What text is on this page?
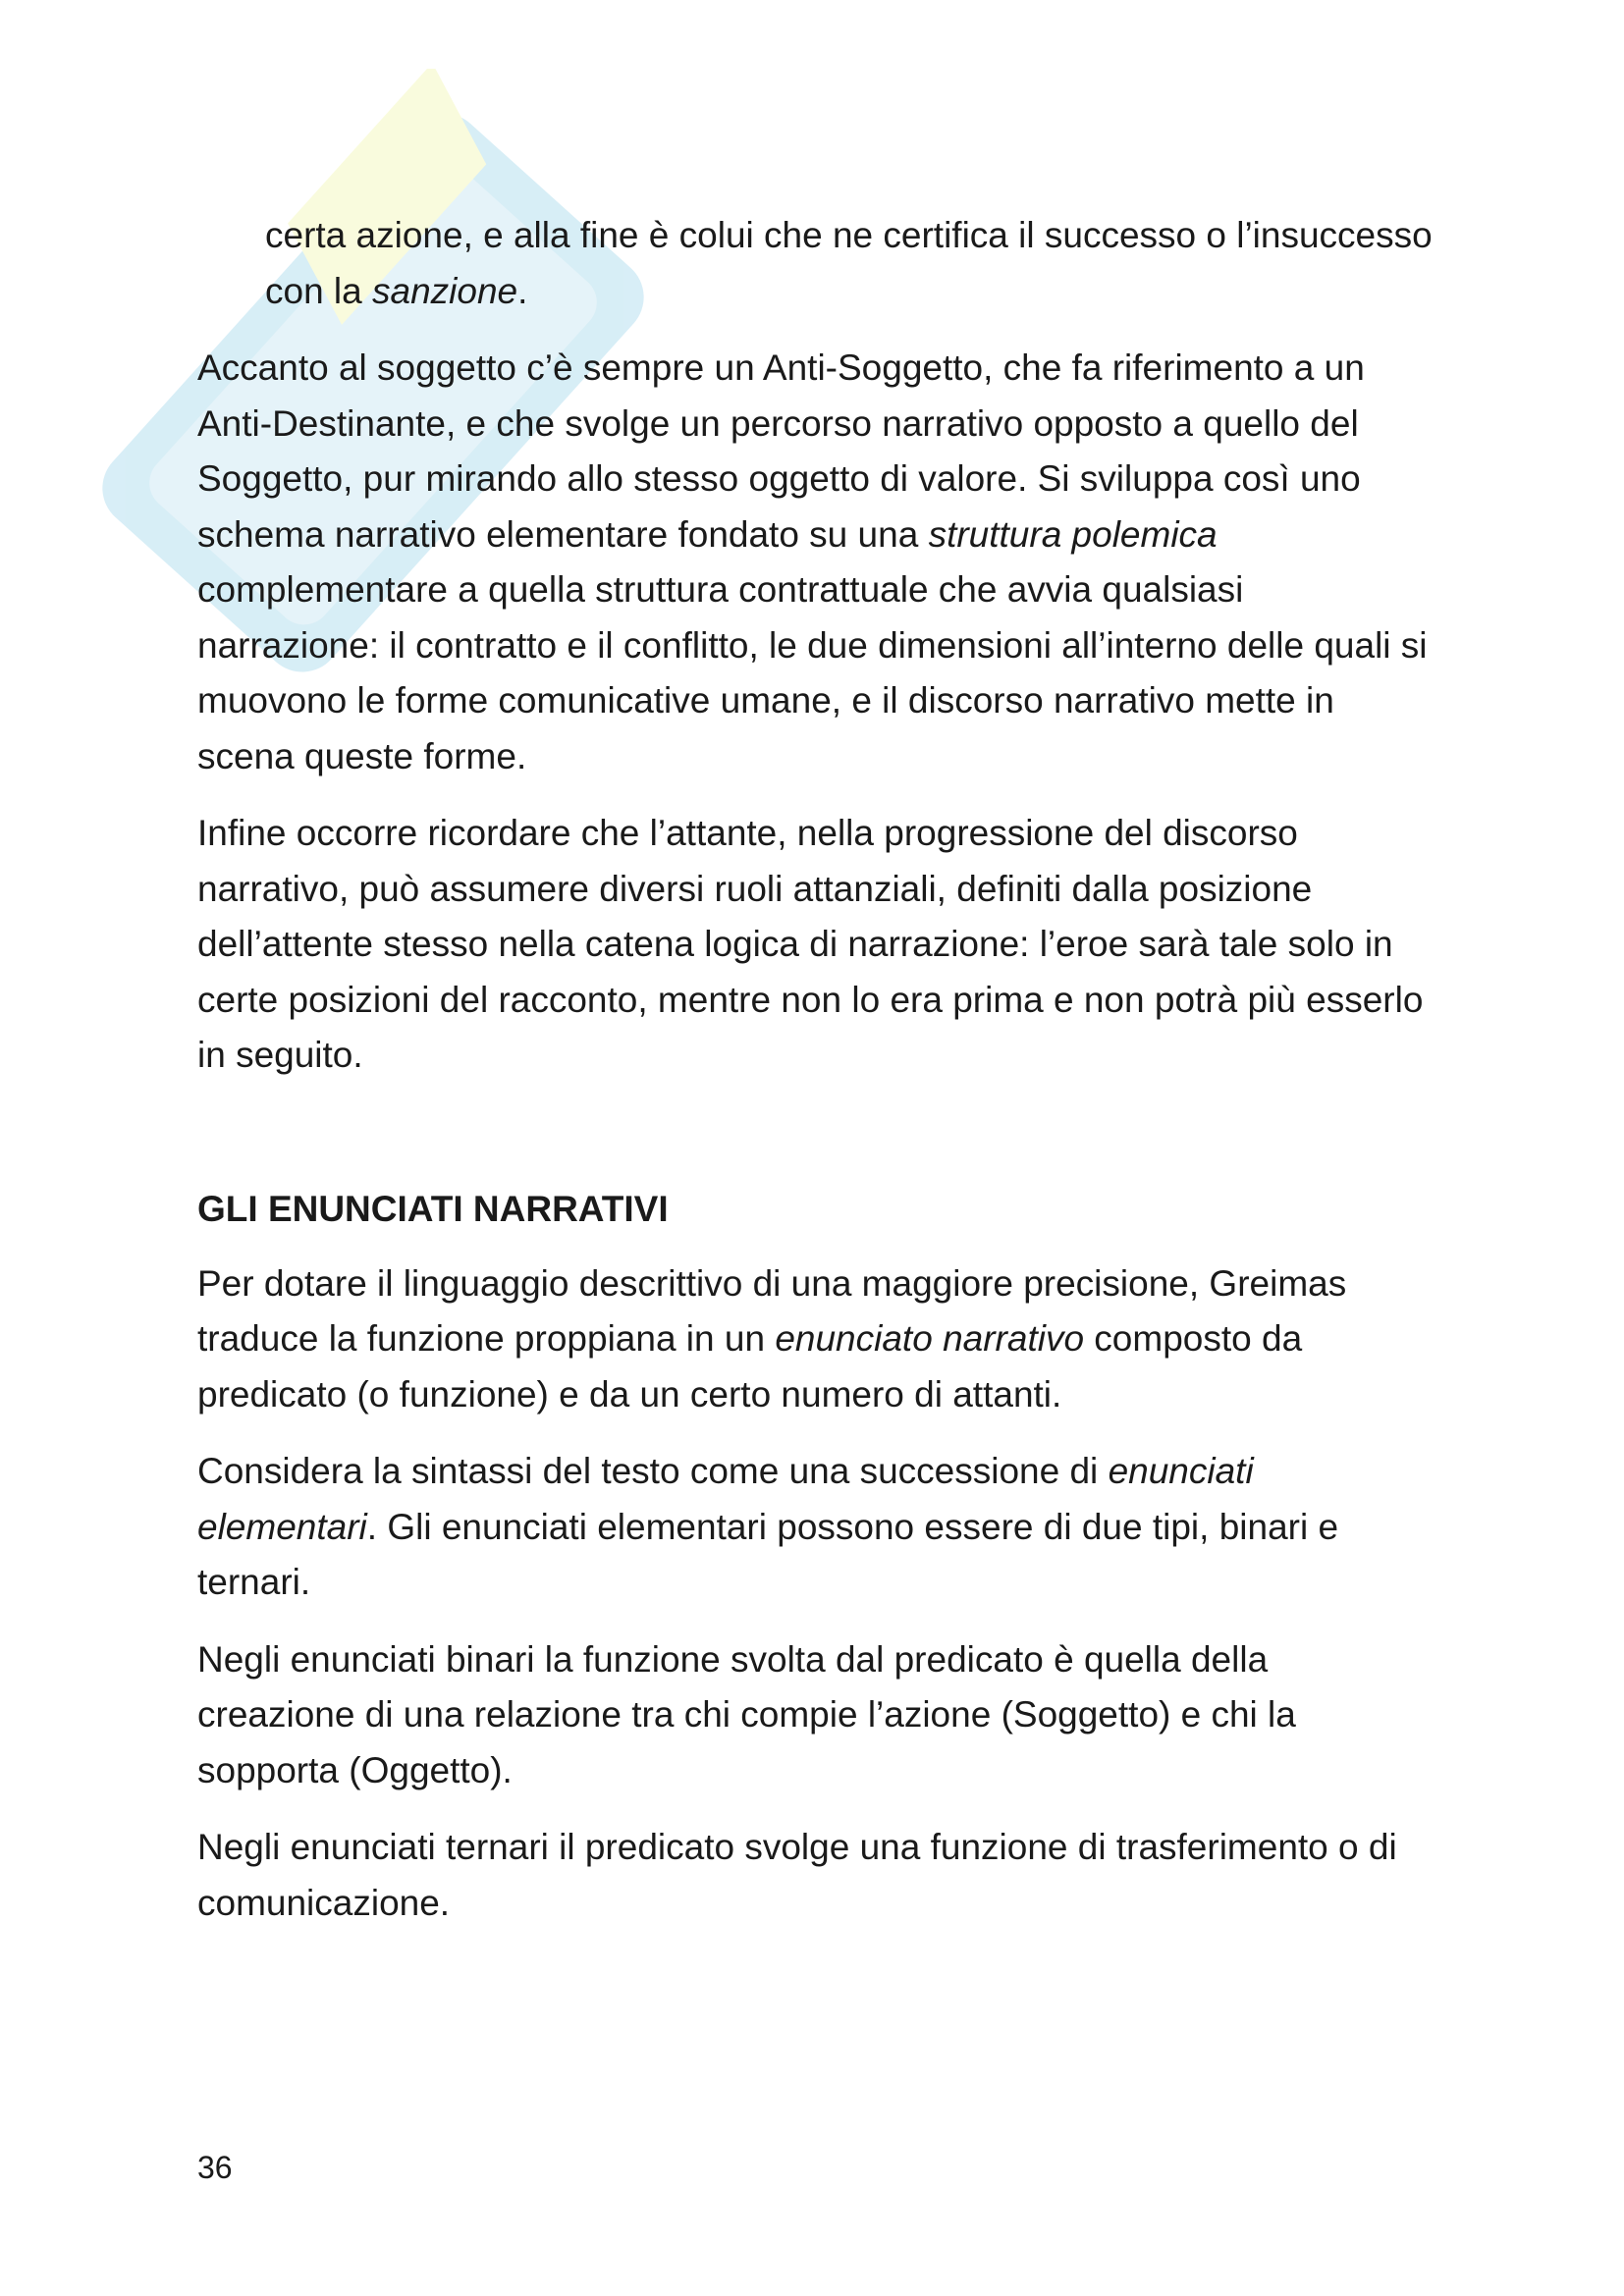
certa azione, e alla fine è colui che ne certifica il successo o l’insuccesso con la sanzione.

Accanto al soggetto c’è sempre un Anti-Soggetto, che fa riferimento a un Anti-Destinante, e che svolge un percorso narrativo opposto a quello del Soggetto, pur mirando allo stesso oggetto di valore. Si sviluppa così uno schema narrativo elementare fondato su una struttura polemica complementare a quella struttura contrattuale che avvia qualsiasi narrazione: il contratto e il conflitto, le due dimensioni all’interno delle quali si muovono le forme comunicative umane, e il discorso narrativo mette in scena queste forme.

Infine occorre ricordare che l’attante, nella progressione del discorso narrativo, può assumere diversi ruoli attanziali, definiti dalla posizione dell’attente stesso nella catena logica di narrazione: l’eroe sarà tale solo in certe posizioni del racconto, mentre non lo era prima e non potrà più esserlo in seguito.

GLI ENUNCIATI NARRATIVI

Per dotare il linguaggio descrittivo di una maggiore precisione, Greimas traduce la funzione proppiana in un enunciato narrativo composto da predicato (o funzione) e da un certo numero di attanti.

Considera la sintassi del testo come una successione di enunciati elementari. Gli enunciati elementari possono essere di due tipi, binari e ternari.

Negli enunciati binari la funzione svolta dal predicato è quella della creazione di una relazione tra chi compie l’azione (Soggetto) e chi la sopporta (Oggetto).

Negli enunciati ternari il predicato svolge una funzione di trasferimento o di comunicazione.

36
